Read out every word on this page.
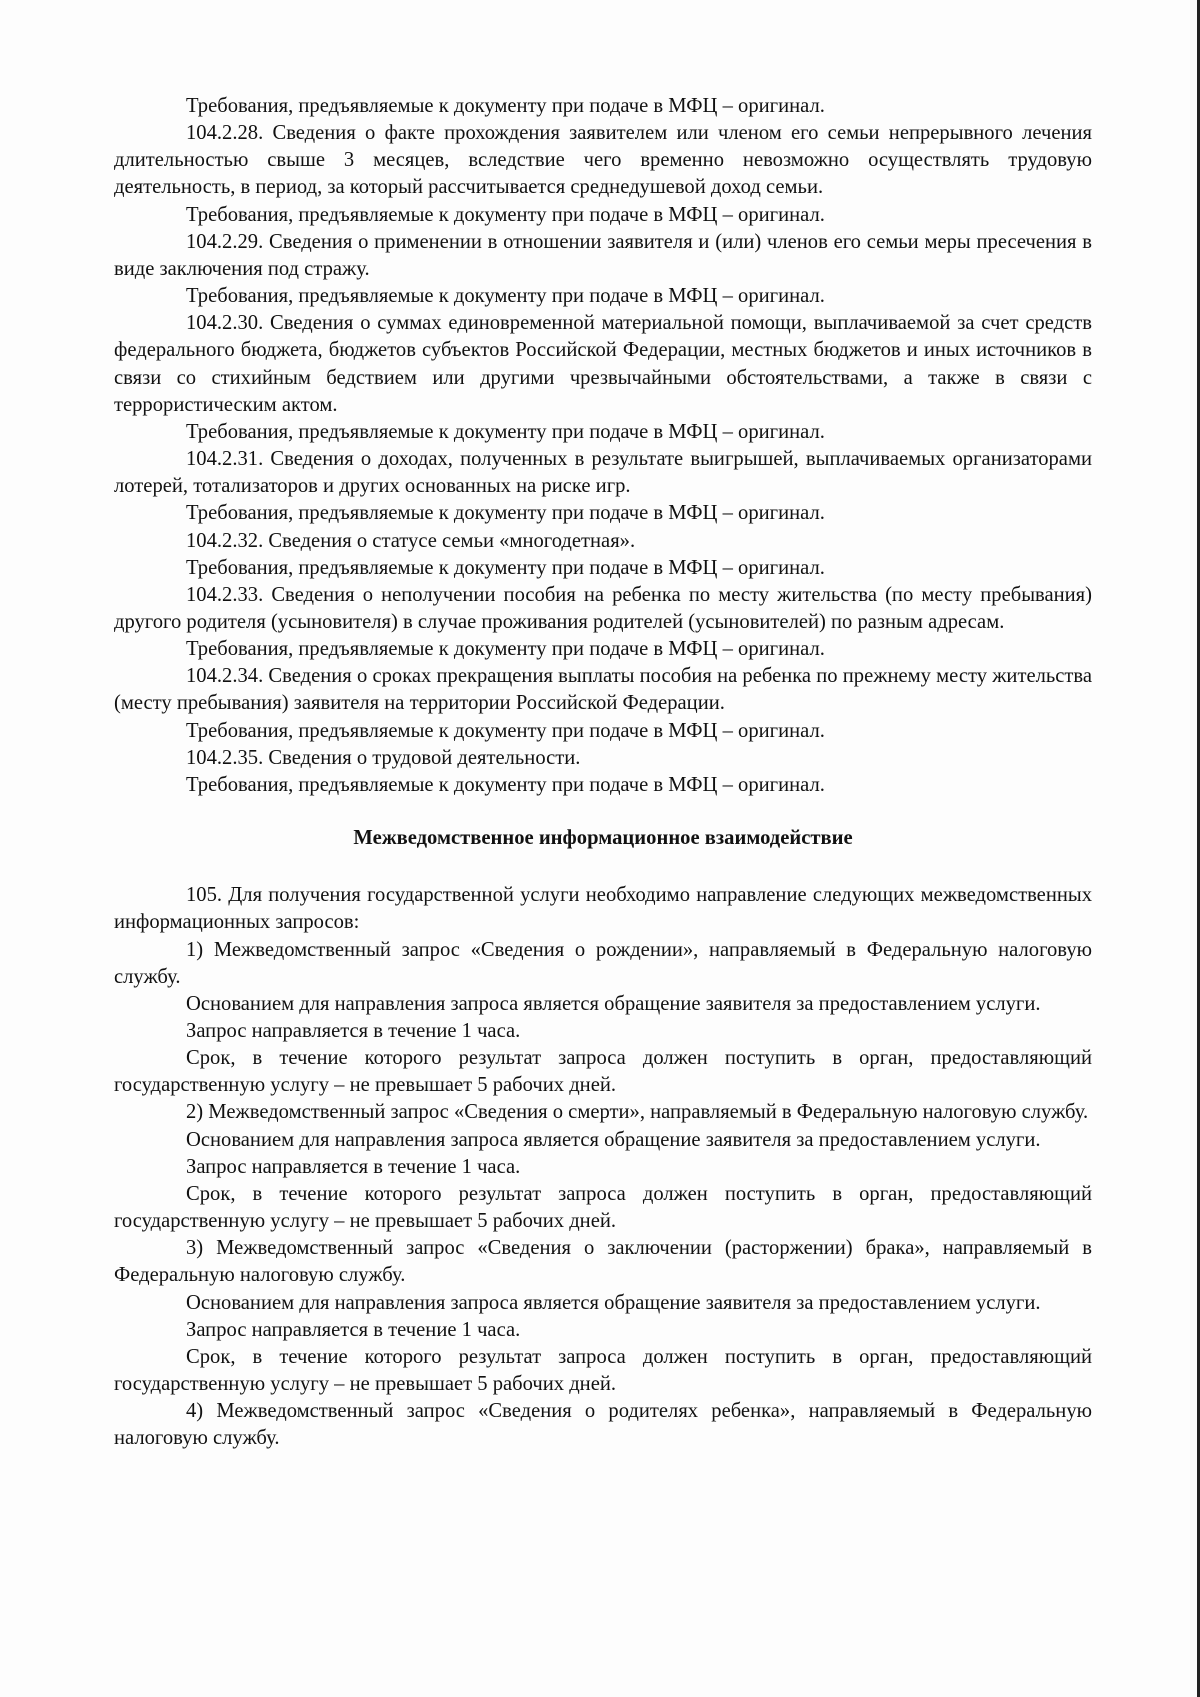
Требования, предъявляемые к документу при подаче в МФЦ – оригинал.

104.2.28. Сведения о факте прохождения заявителем или членом его семьи непрерывного лечения длительностью свыше 3 месяцев, вследствие чего временно невозможно осуществлять трудовую деятельность, в период, за который рассчитывается среднедушевой доход семьи.

Требования, предъявляемые к документу при подаче в МФЦ – оригинал.

104.2.29. Сведения о применении в отношении заявителя и (или) членов его семьи меры пресечения в виде заключения под стражу.

Требования, предъявляемые к документу при подаче в МФЦ – оригинал.

104.2.30. Сведения о суммах единовременной материальной помощи, выплачиваемой за счет средств федерального бюджета, бюджетов субъектов Российской Федерации, местных бюджетов и иных источников в связи со стихийным бедствием или другими чрезвычайными обстоятельствами, а также в связи с террористическим актом.

Требования, предъявляемые к документу при подаче в МФЦ – оригинал.

104.2.31. Сведения о доходах, полученных в результате выигрышей, выплачиваемых организаторами лотерей, тотализаторов и других основанных на риске игр.

Требования, предъявляемые к документу при подаче в МФЦ – оригинал.

104.2.32. Сведения о статусе семьи «многодетная».

Требования, предъявляемые к документу при подаче в МФЦ – оригинал.

104.2.33. Сведения о неполучении пособия на ребенка по месту жительства (по месту пребывания) другого родителя (усыновителя) в случае проживания родителей (усыновителей) по разным адресам.

Требования, предъявляемые к документу при подаче в МФЦ – оригинал.

104.2.34. Сведения о сроках прекращения выплаты пособия на ребенка по прежнему месту жительства (месту пребывания) заявителя на территории Российской Федерации.

Требования, предъявляемые к документу при подаче в МФЦ – оригинал.

104.2.35. Сведения о трудовой деятельности.

Требования, предъявляемые к документу при подаче в МФЦ – оригинал.

Межведомственное информационное взаимодействие

105. Для получения государственной услуги необходимо направление следующих межведомственных информационных запросов:

1) Межведомственный запрос «Сведения о рождении», направляемый в Федеральную налоговую службу.

Основанием для направления запроса является обращение заявителя за предоставлением услуги.

Запрос направляется в течение 1 часа.

Срок, в течение которого результат запроса должен поступить в орган, предоставляющий государственную услугу – не превышает 5 рабочих дней.

2) Межведомственный запрос «Сведения о смерти», направляемый в Федеральную налоговую службу.

Основанием для направления запроса является обращение заявителя за предоставлением услуги.

Запрос направляется в течение 1 часа.

Срок, в течение которого результат запроса должен поступить в орган, предоставляющий государственную услугу – не превышает 5 рабочих дней.

3) Межведомственный запрос «Сведения о заключении (расторжении) брака», направляемый в Федеральную налоговую службу.

Основанием для направления запроса является обращение заявителя за предоставлением услуги.

Запрос направляется в течение 1 часа.

Срок, в течение которого результат запроса должен поступить в орган, предоставляющий государственную услугу – не превышает 5 рабочих дней.

4) Межведомственный запрос «Сведения о родителях ребенка», направляемый в Федеральную налоговую службу.
